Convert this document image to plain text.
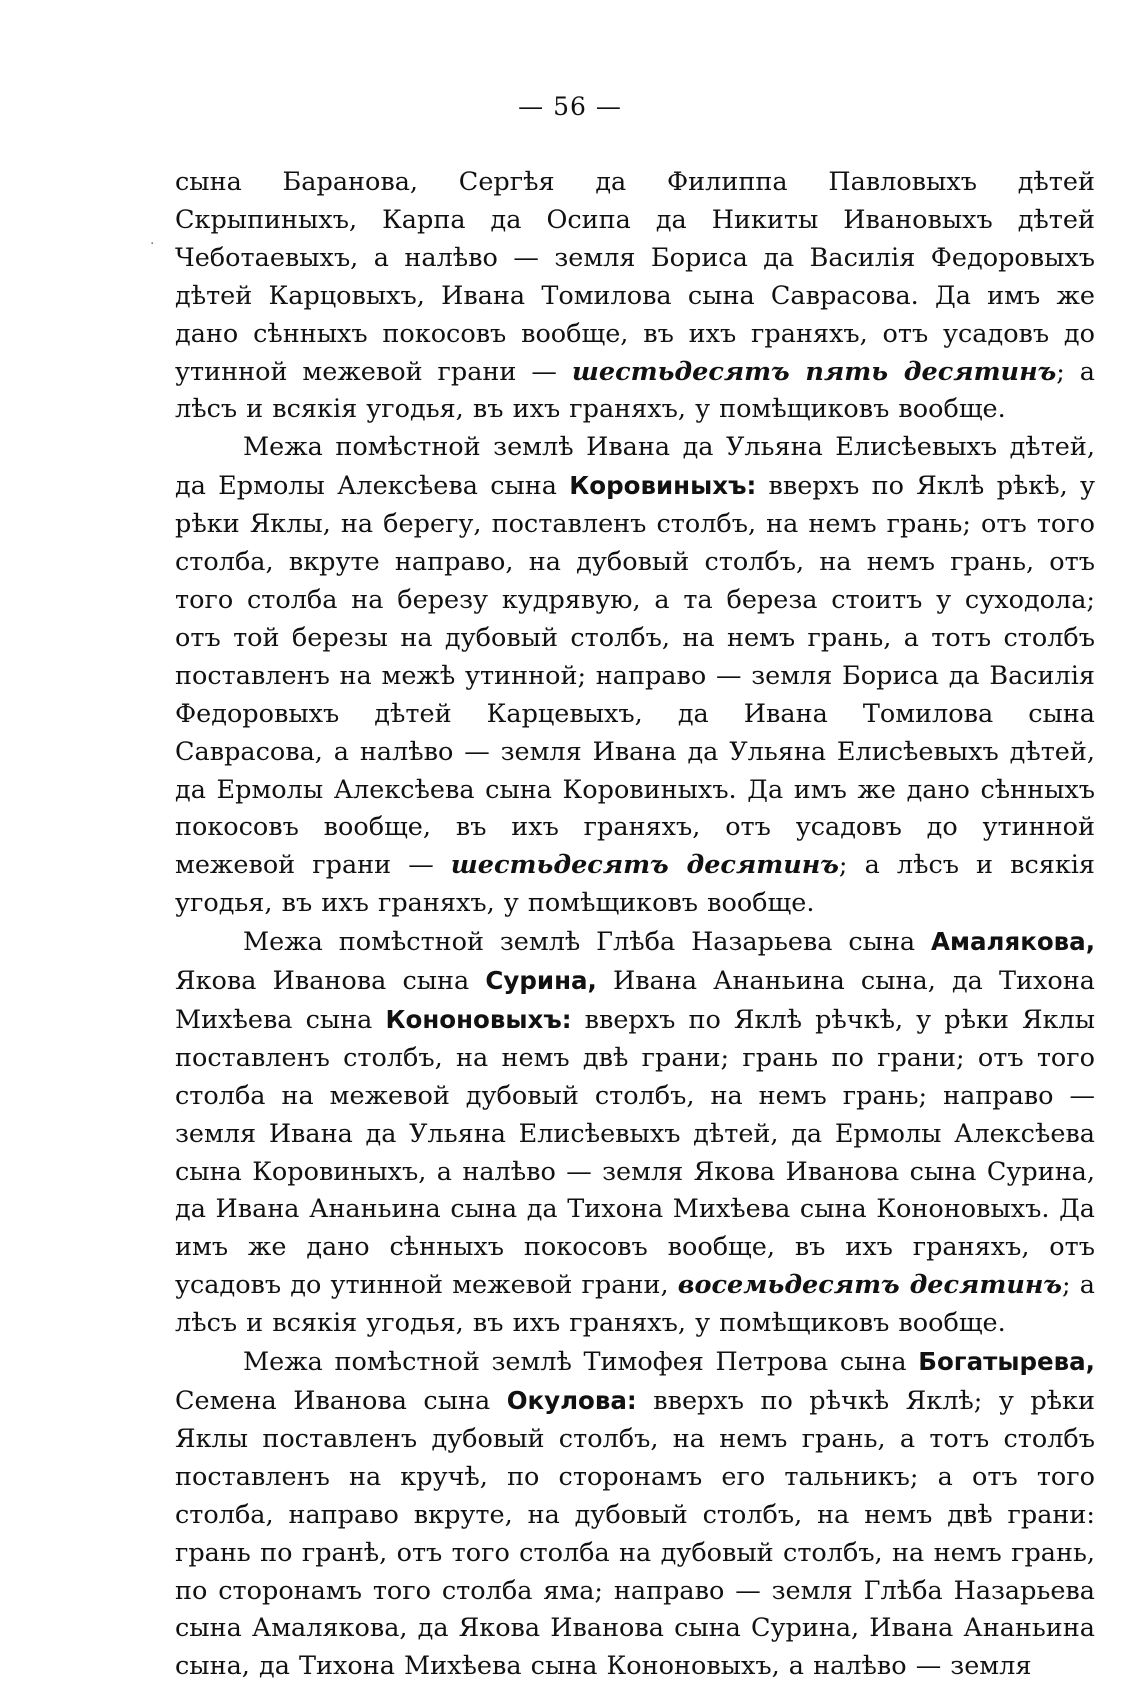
— 56 —
.

сына Баранова, Сергѣя да Филиппа Павловыхъ дѣтей Скрыпиныхъ, Карпа да Осипа да Никиты Ивановыхъ дѣтей Чеботаевыхъ, а налѣво — земля Бориса да Василія Федоровыхъ дѣтей Карцовыхъ, Ивана Томилова сына Саврасова. Да имъ же дано сѣнныхъ покосовъ вообще, въ ихъ граняхъ, отъ усадовъ до утинной межевой грани — шестьдесятъ пять десятинъ; а лѣсъ и всякія угодья, въ ихъ граняхъ, у помѣщиковъ вообще.

Межа помѣстной землѣ Ивана да Ульяна Елисѣевыхъ дѣтей, да Ермолы Алексѣева сына Коровиныхъ: вверхъ по Яклѣ рѣкѣ, у рѣки Яклы, на берегу, поставленъ столбъ, на немъ грань; отъ того столба, вкруте направо, на дубовый столбъ, на немъ грань, отъ того столба на березу кудрявую, а та береза стоитъ у суходола; отъ той березы на дубовый столбъ, на немъ грань, а тотъ столбъ поставленъ на межѣ утинной; направо — земля Бориса да Василія Федоровыхъ дѣтей Карцевыхъ, да Ивана Томилова сына Саврасова, а налѣво — земля Ивана да Ульяна Елисѣевыхъ дѣтей, да Ермолы Алексѣева сына Коровиныхъ. Да имъ же дано сѣнныхъ покосовъ вообще, въ ихъ граняхъ, отъ усадовъ до утинной межевой грани — шестьдесятъ десятинъ; а лѣсъ и всякія угодья, въ ихъ граняхъ, у помѣщиковъ вообще.

Межа помѣстной землѣ Глѣба Назарьева сына Амалякова, Якова Иванова сына Сурина, Ивана Ананьина сына, да Тихона Михѣева сына Кононовыхъ: вверхъ по Яклѣ рѣчкѣ, у рѣки Яклы поставленъ столбъ, на немъ двѣ грани; грань по грани; отъ того столба на межевой дубовый столбъ, на немъ грань; направо — земля Ивана да Ульяна Елисѣевыхъ дѣтей, да Ермолы Алексѣева сына Коровиныхъ, а налѣво — земля Якова Иванова сына Сурина, да Ивана Ананьина сына да Тихона Михѣева сына Кононовыхъ. Да имъ же дано сѣнныхъ покосовъ вообще, въ ихъ граняхъ, отъ усадовъ до утинной межевой грани, восемьдесятъ десятинъ; а лѣсъ и всякія угодья, въ ихъ граняхъ, у помѣщиковъ вообще.

Межа помѣстной землѣ Тимофея Петрова сына Богатырева, Семена Иванова сына Окулова: вверхъ по рѣчкѣ Яклѣ; у рѣки Яклы поставленъ дубовый столбъ, на немъ грань, а тотъ столбъ поставленъ на кручѣ, по сторонамъ его тальникъ; а отъ того столба, направо вкруте, на дубовый столбъ, на немъ двѣ грани: грань по гранѣ, отъ того столба на дубовый столбъ, на немъ грань, по сторонамъ того столба яма; направо — земля Глѣба Назарьева сына Амалякова, да Якова Иванова сына Сурина, Ивана Ананьина сына, да Тихона Михѣева сына Кононовыхъ, а налѣво — земля
